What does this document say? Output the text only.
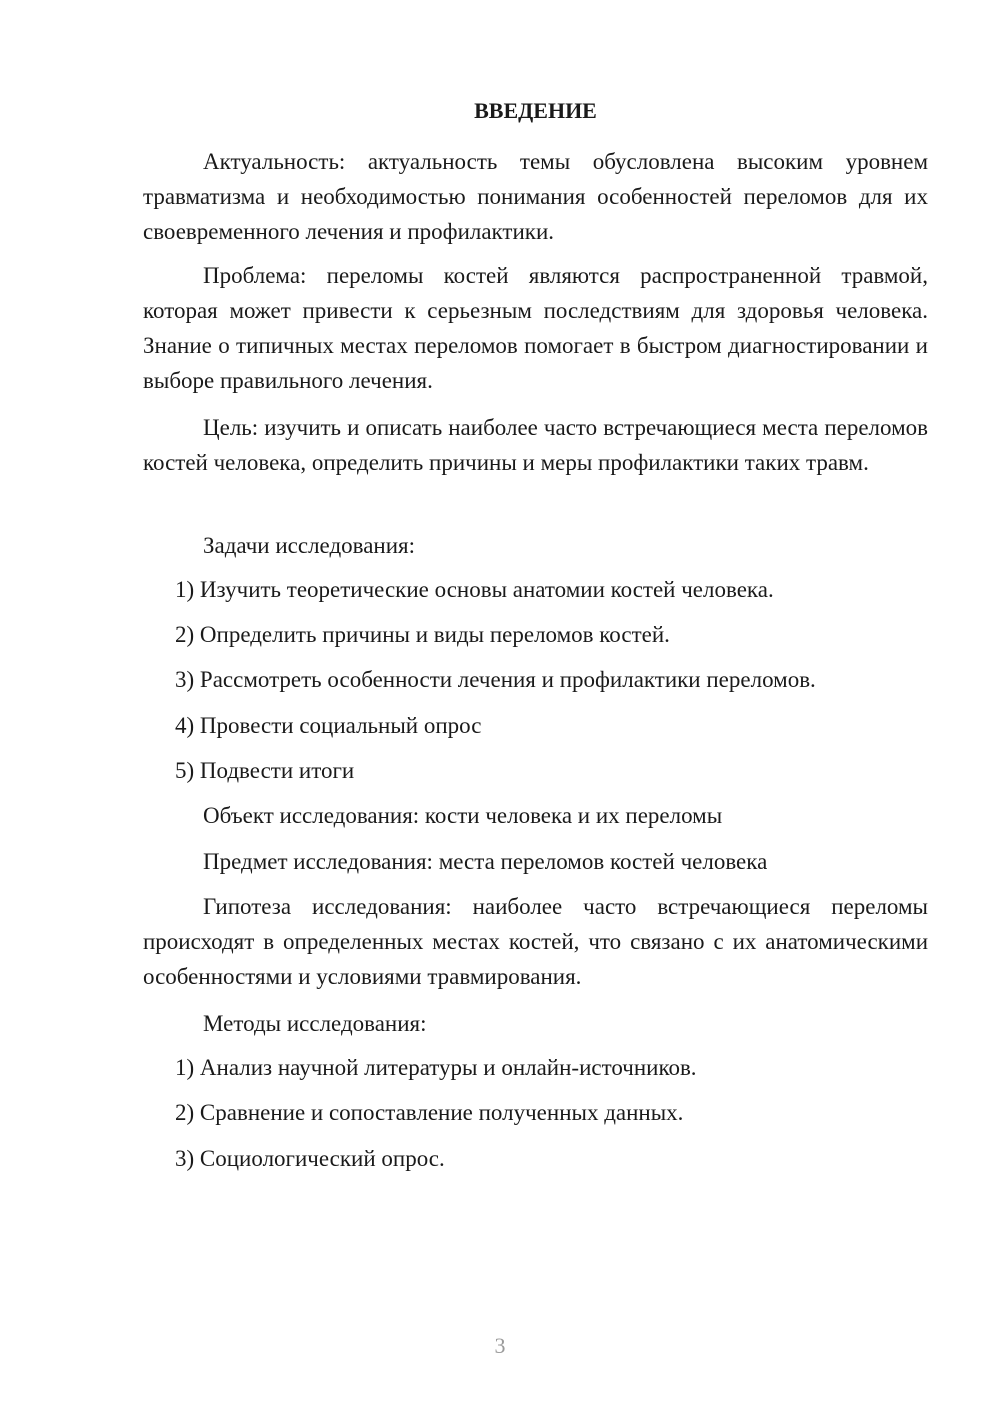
ВВЕДЕНИЕ

Актуальность: актуальность темы обусловлена высоким уровнем травматизма и необходимостью понимания особенностей переломов для их своевременного лечения и профилактики.

Проблема: переломы костей являются распространенной травмой, которая может привести к серьезным последствиям для здоровья человека. Знание о типичных местах переломов помогает в быстром диагностировании и выборе правильного лечения.

Цель: изучить и описать наиболее часто встречающиеся места переломов костей человека, определить причины и меры профилактики таких травм.

Задачи исследования:
1) Изучить теоретические основы анатомии костей человека.
2) Определить причины и виды переломов костей.
3) Рассмотреть особенности лечения и профилактики переломов.
4) Провести социальный опрос
5) Подвести итоги
Объект исследования: кости человека и их переломы
Предмет исследования: места переломов костей человека

Гипотеза исследования: наиболее часто встречающиеся переломы происходят в определенных местах костей, что связано с их анатомическими особенностями и условиями травмирования.

Методы исследования:
1) Анализ научной литературы и онлайн-источников.
2) Сравнение и сопоставление полученных данных.
3) Социологический опрос.
3
